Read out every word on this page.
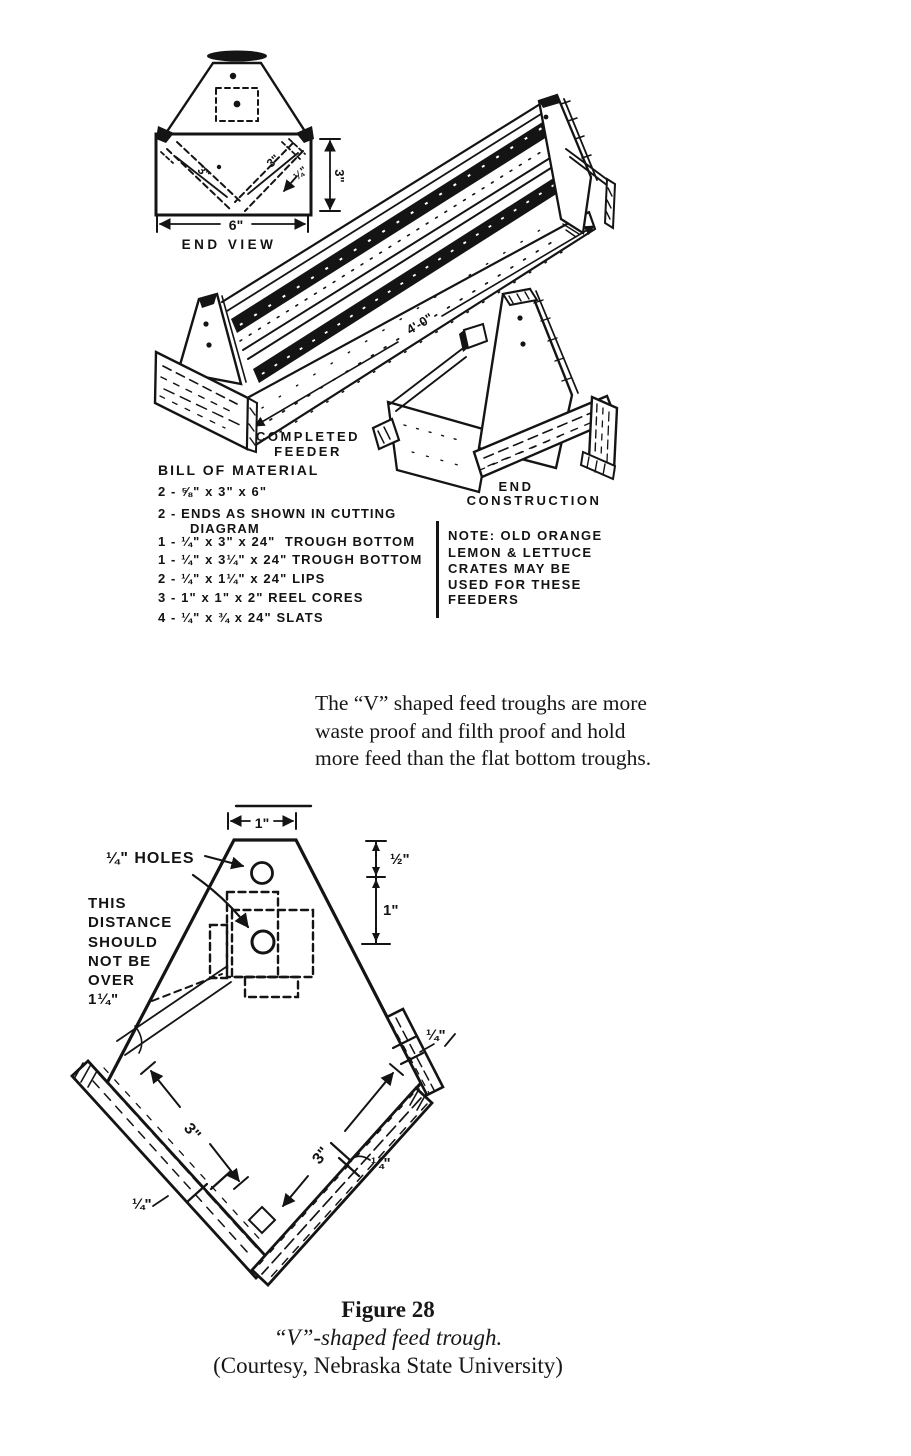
3"
3"
¼" 3"
6"
END VIEW
4'-0"
COMPLETED
FEEDER
END
CONSTRUCTION
BILL OF MATERIAL
2 - ⅝" x 3" x 6"
2 - ENDS AS SHOWN IN CUTTING
DIAGRAM
1 - ¼" x 3" x 24"  TROUGH BOTTOM
1 - ¼" x 3¼" x 24" TROUGH BOTTOM
2 - ¼" x 1¼" x 24" LIPS
3 - 1" x 1" x 2" REEL CORES
4 - ¼" x ¾ x 24" SLATS
NOTE: OLD ORANGE
LEMON & LETTUCE
CRATES MAY BE
USED FOR THESE
FEEDERS
The “V” shaped feed troughs are more
waste proof and filth proof and hold
more feed than the flat bottom troughs.
1"
¼" HOLES	½"
1"
3"
3"
¼"
¼"
¼"
THIS
DISTANCE
SHOULD
NOT BE
OVER
1¼"
Figure 28
“V”-shaped feed trough.
(Courtesy, Nebraska State University)
